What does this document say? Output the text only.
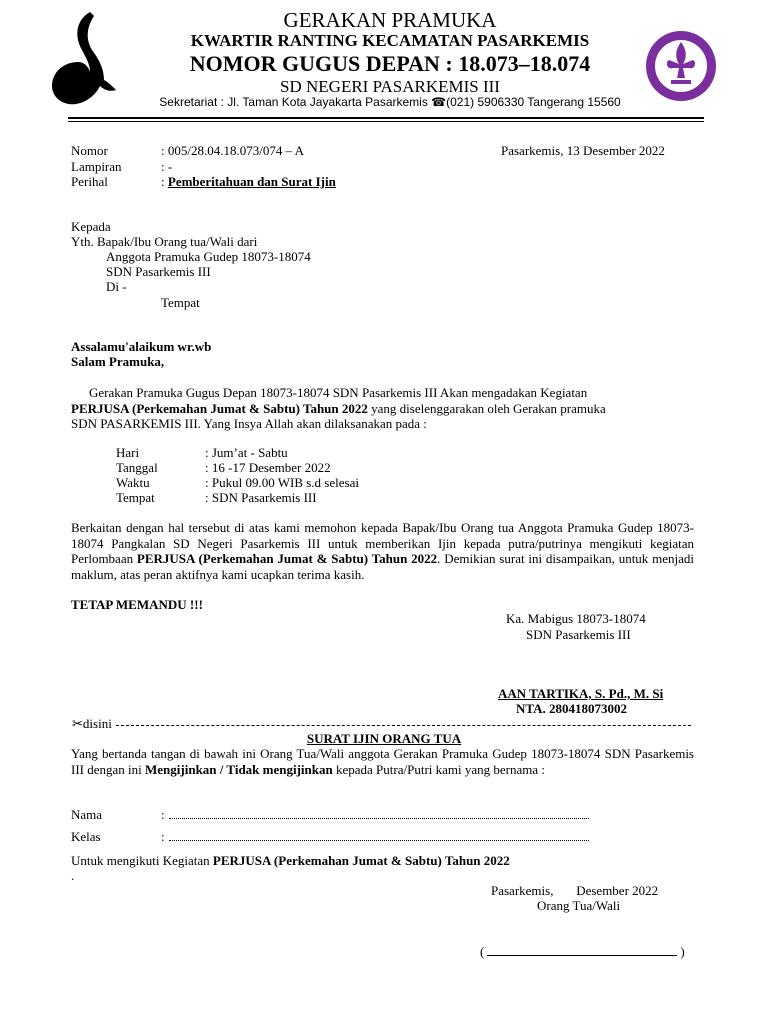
GERAKAN PRAMUKA
KWARTIR RANTING KECAMATAN PASARKEMIS
NOMOR GUGUS DEPAN : 18.073–18.074
SD NEGERI PASARKEMIS III
Sekretariat : Jl. Taman Kota Jayakarta Pasarkemis ☎(021) 5906330 Tangerang 15560
Nomor	: 005/28.04.18.073/074 – A	Pasarkemis, 13 Desember 2022
Lampiran	: -
Perihal	: Pemberitahuan dan Surat Ijin
Kepada
Yth. Bapak/Ibu Orang tua/Wali dari
Anggota Pramuka Gudep 18073-18074
SDN Pasarkemis III
Di -
Tempat
Assalamu'alaikum wr.wb
Salam Pramuka,
Gerakan Pramuka Gugus Depan 18073-18074 SDN Pasarkemis III Akan mengadakan Kegiatan
PERJUSA (Perkemahan Jumat & Sabtu) Tahun 2022 yang diselenggarakan oleh Gerakan pramuka
SDN PASARKEMIS III. Yang Insya Allah akan dilaksanakan pada :
Hari	: Jum’at - Sabtu
Tanggal	: 16 -17 Desember 2022
Waktu	: Pukul 09.00 WIB s.d selesai
Tempat	: SDN Pasarkemis III
Berkaitan dengan hal tersebut di atas kami memohon kepada Bapak/Ibu Orang tua Anggota Pramuka Gudep 18073-18074 Pangkalan SD Negeri Pasarkemis III untuk memberikan Ijin kepada putra/putrinya mengikuti kegiatan Perlombaan PERJUSA (Perkemahan Jumat & Sabtu) Tahun 2022. Demikian surat ini disampaikan, untuk menjadi maklum, atas peran aktifnya kami ucapkan terima kasih.
TETAP MEMANDU !!!
Ka. Mabigus 18073-18074
SDN Pasarkemis III
AAN TARTIKA, S. Pd., M. Si
NTA. 280418073002
✂disini
SURAT IJIN ORANG TUA
Yang bertanda tangan di bawah ini Orang Tua/Wali anggota Gerakan Pramuka Gudep 18073-18074 SDN Pasarkemis III dengan ini Mengijinkan / Tidak mengijinkan kepada Putra/Putri kami yang bernama :
Nama	:
Kelas	:
Untuk mengikuti Kegiatan PERJUSA (Perkemahan Jumat & Sabtu) Tahun 2022
.
Pasarkemis,       Desember 2022
Orang Tua/Wali
(	)
